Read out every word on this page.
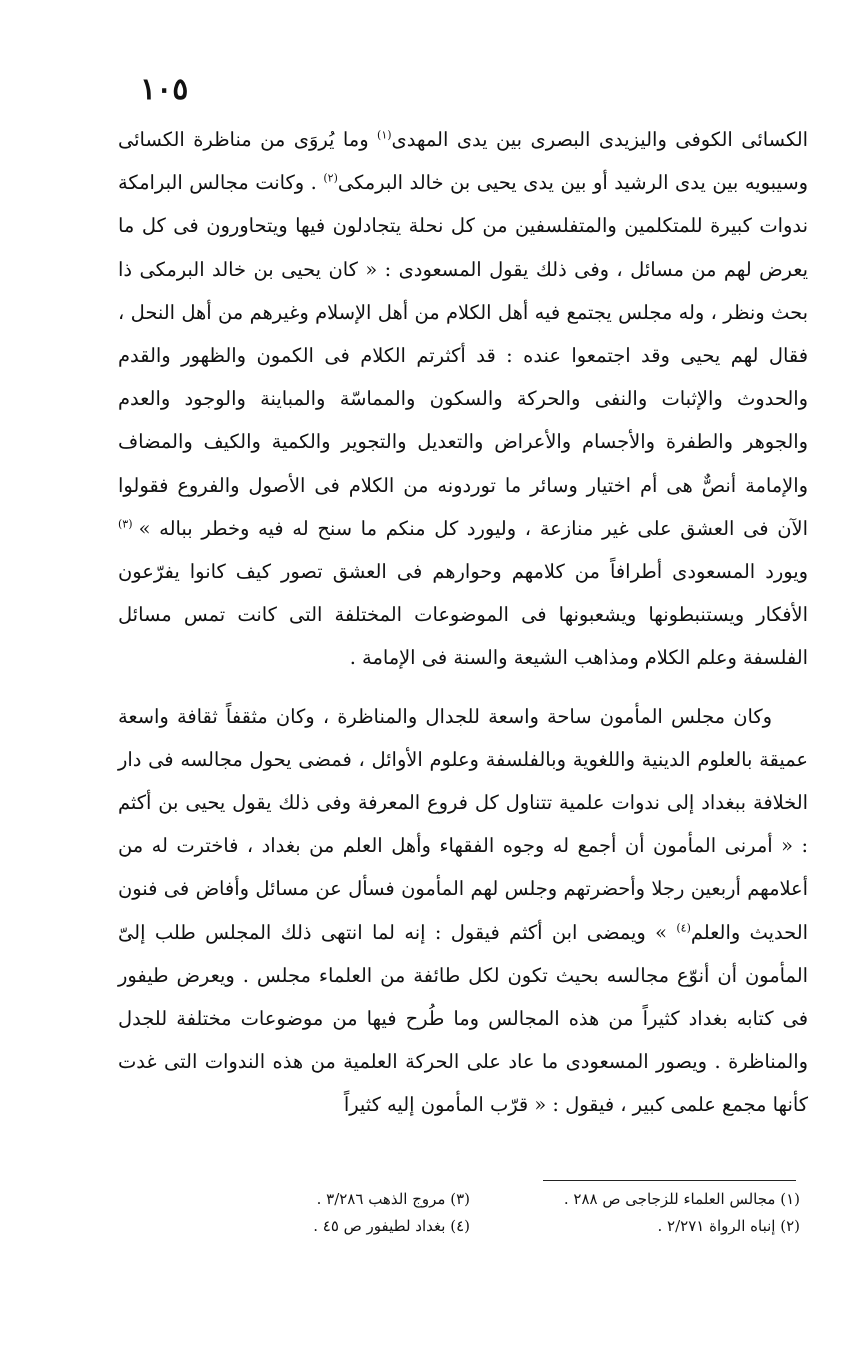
١٠٥

الكسائى الكوفى واليزيدى البصرى بين يدى المهدى$^{(١)}$ وما يُروَى من مناظرة الكسائى وسيبويه بين يدى الرشيد أو بين يدى يحيى بن خالد البرمكى$^{(٢)}$ . وكانت مجالس البرامكة ندوات كبيرة للمتكلمين والمتفلسفين من كل نحلة يتجادلون فيها ويتحاورون فى كل ما يعرض لهم من مسائل ، وفى ذلك يقول المسعودى : « كان يحيى بن خالد البرمكى ذا بحث ونظر ، وله مجلس يجتمع فيه أهل الكلام من أهل الإسلام وغيرهم من أهل النحل ، فقال لهم يحيى وقد اجتمعوا عنده : قد أكثرتم الكلام فى الكمون والظهور والقدم والحدوث والإثبات والنفى والحركة والسكون والمماسّة والمباينة والوجود والعدم والجوهر والطفرة والأجسام والأعراض والتعديل والتجوير والكمية والكيف والمضاف والإمامة أنصٌّ هى أم اختيار وسائر ما توردونه من الكلام فى الأصول والفروع فقولوا الآن فى العشق على غير منازعة ، وليورد كل منكم ما سنح له فيه وخطر بباله » $^{(٣)}$ ويورد المسعودى أطرافاً من كلامهم وحوارهم فى العشق تصور كيف كانوا يفرّعون الأفكار ويستنبطونها ويشعبونها فى الموضوعات المختلفة التى كانت تمس مسائل الفلسفة وعلم الكلام ومذاهب الشيعة والسنة فى الإمامة .

وكان مجلس المأمون ساحة واسعة للجدال والمناظرة ، وكان مثقفاً ثقافة واسعة عميقة بالعلوم الدينية واللغوية وبالفلسفة وعلوم الأوائل ، فمضى يحول مجالسه فى دار الخلافة ببغداد إلى ندوات علمية تتناول كل فروع المعرفة وفى ذلك يقول يحيى بن أكثم : « أمرنى المأمون أن أجمع له وجوه الفقهاء وأهل العلم من بغداد ، فاخترت له من أعلامهم أربعين رجلا وأحضرتهم وجلس لهم المأمون فسأل عن مسائل وأفاض فى فنون الحديث والعلم$^{(٤)}$ » ويمضى ابن أكثم فيقول : إنه لما انتهى ذلك المجلس طلب إلىّ المأمون أن أنوّع مجالسه بحيث تكون لكل طائفة من العلماء مجلس . ويعرض طيفور فى كتابه بغداد كثيراً من هذه المجالس وما طُرح فيها من موضوعات مختلفة للجدل والمناظرة . ويصور المسعودى ما عاد على الحركة العلمية من هذه الندوات التى غدت كأنها مجمع علمى كبير ، فيقول : « قرّب المأمون إليه كثيراً

(١) مجالس العلماء للزجاجى ص ٢٨٨ .
(٣) مروج الذهب ٣/٢٨٦ .
(٢) إنباه الرواة ٢/٢٧١ .
(٤) بغداد لطيفور ص ٤٥ .
